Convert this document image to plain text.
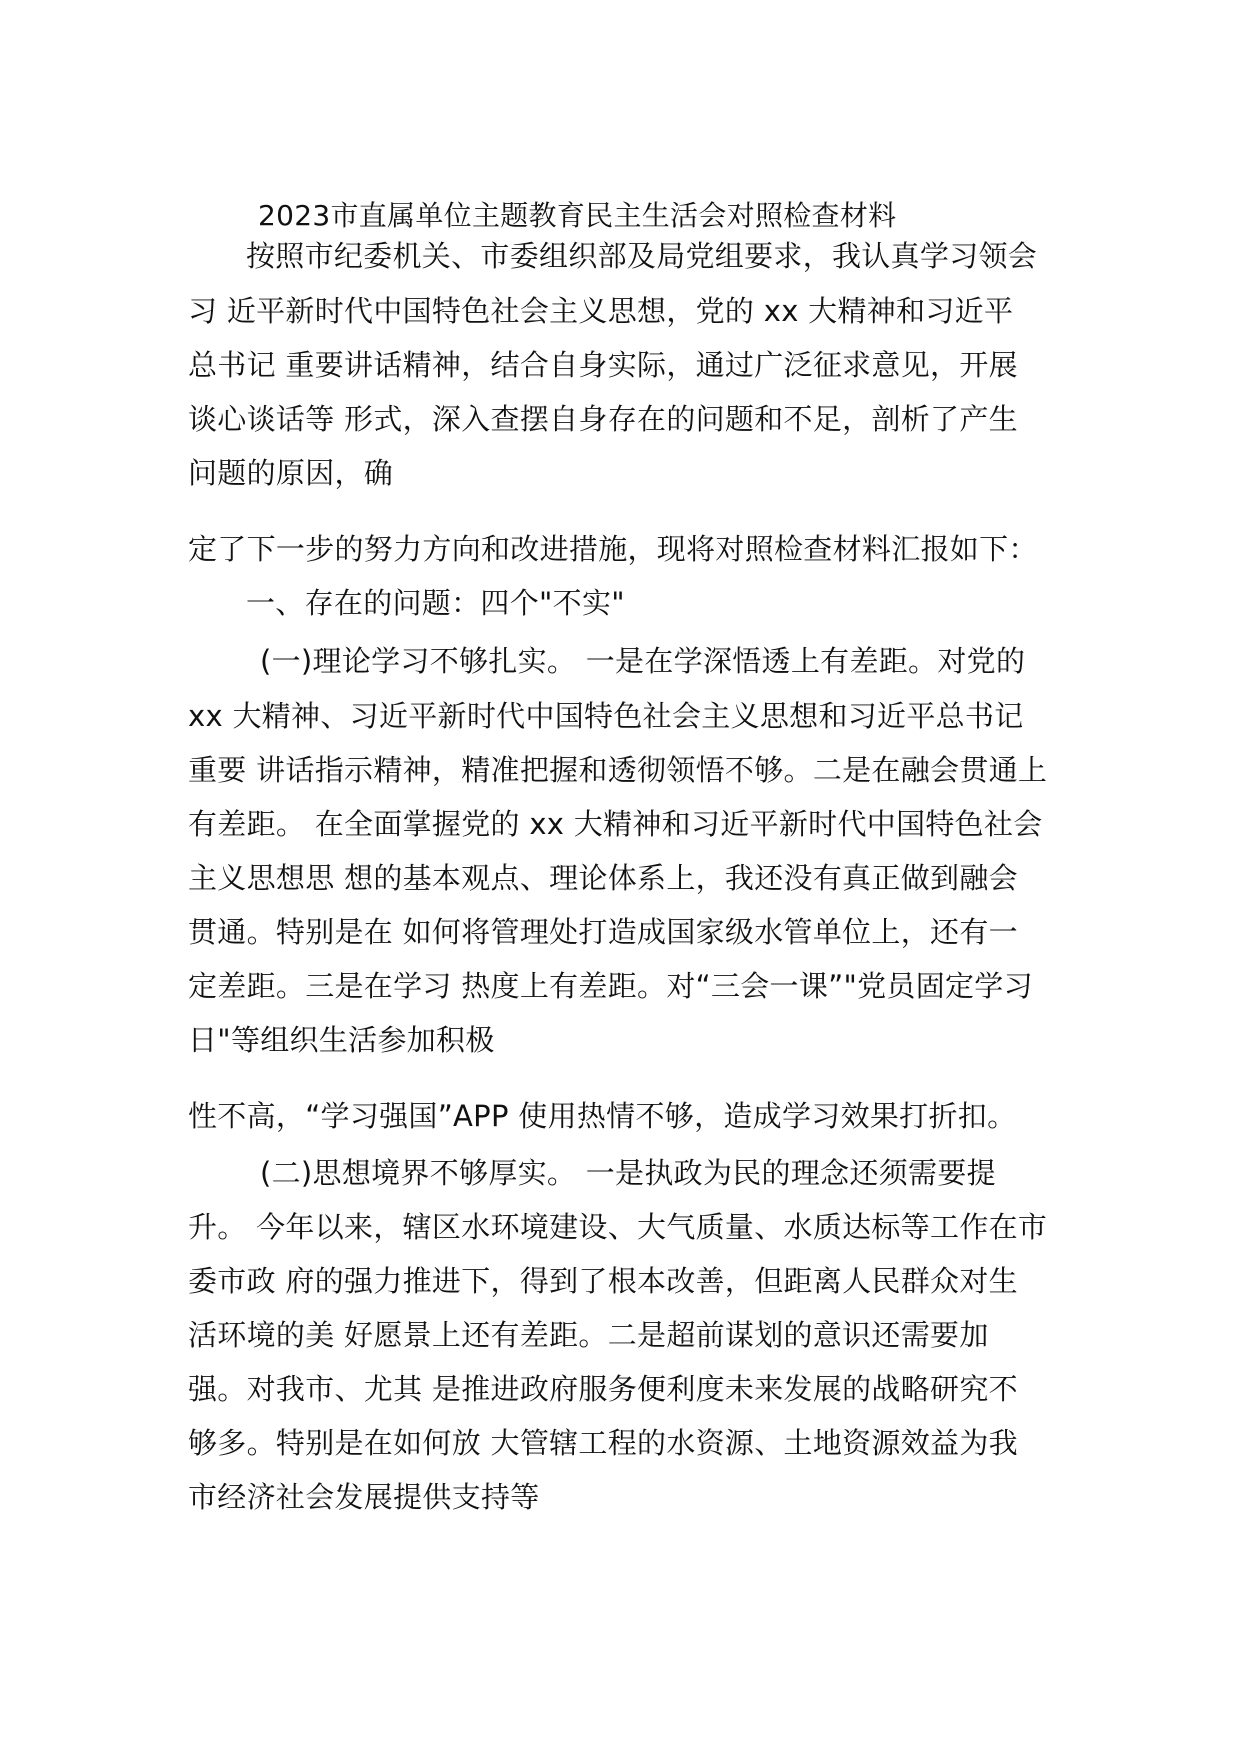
2023市直属单位主题教育民主生活会对照检查材料
按照市纪委机关、市委组织部及局党组要求，我认真学习领会
习 近平新时代中国特色社会主义思想，党的 xx 大精神和习近平
总书记 重要讲话精神，结合自身实际，通过广泛征求意见，开展
谈心谈话等 形式，深入查摆自身存在的问题和不足，剖析了产生
问题的原因，确
定了下一步的努力方向和改进措施，现将对照检查材料汇报如下：
一、存在的问题：四个"不实"
(一)理论学习不够扎实。 一是在学深悟透上有差距。对党的
xx 大精神、习近平新时代中国特色社会主义思想和习近平总书记
重要 讲话指示精神，精准把握和透彻领悟不够。二是在融会贯通上
有差距。 在全面掌握党的 xx 大精神和习近平新时代中国特色社会
主义思想思 想的基本观点、理论体系上，我还没有真正做到融会
贯通。特别是在 如何将管理处打造成国家级水管单位上，还有一
定差距。三是在学习 热度上有差距。对“三会一课”"党员固定学习
日"等组织生活参加积极
性不高，“学习强国”APP 使用热情不够，造成学习效果打折扣。
(二)思想境界不够厚实。 一是执政为民的理念还须需要提
升。 今年以来，辖区水环境建设、大气质量、水质达标等工作在市
委市政 府的强力推进下，得到了根本改善，但距离人民群众对生
活环境的美 好愿景上还有差距。二是超前谋划的意识还需要加
强。对我市、尤其 是推进政府服务便利度未来发展的战略研究不
够多。特别是在如何放 大管辖工程的水资源、土地资源效益为我
市经济社会发展提供支持等
